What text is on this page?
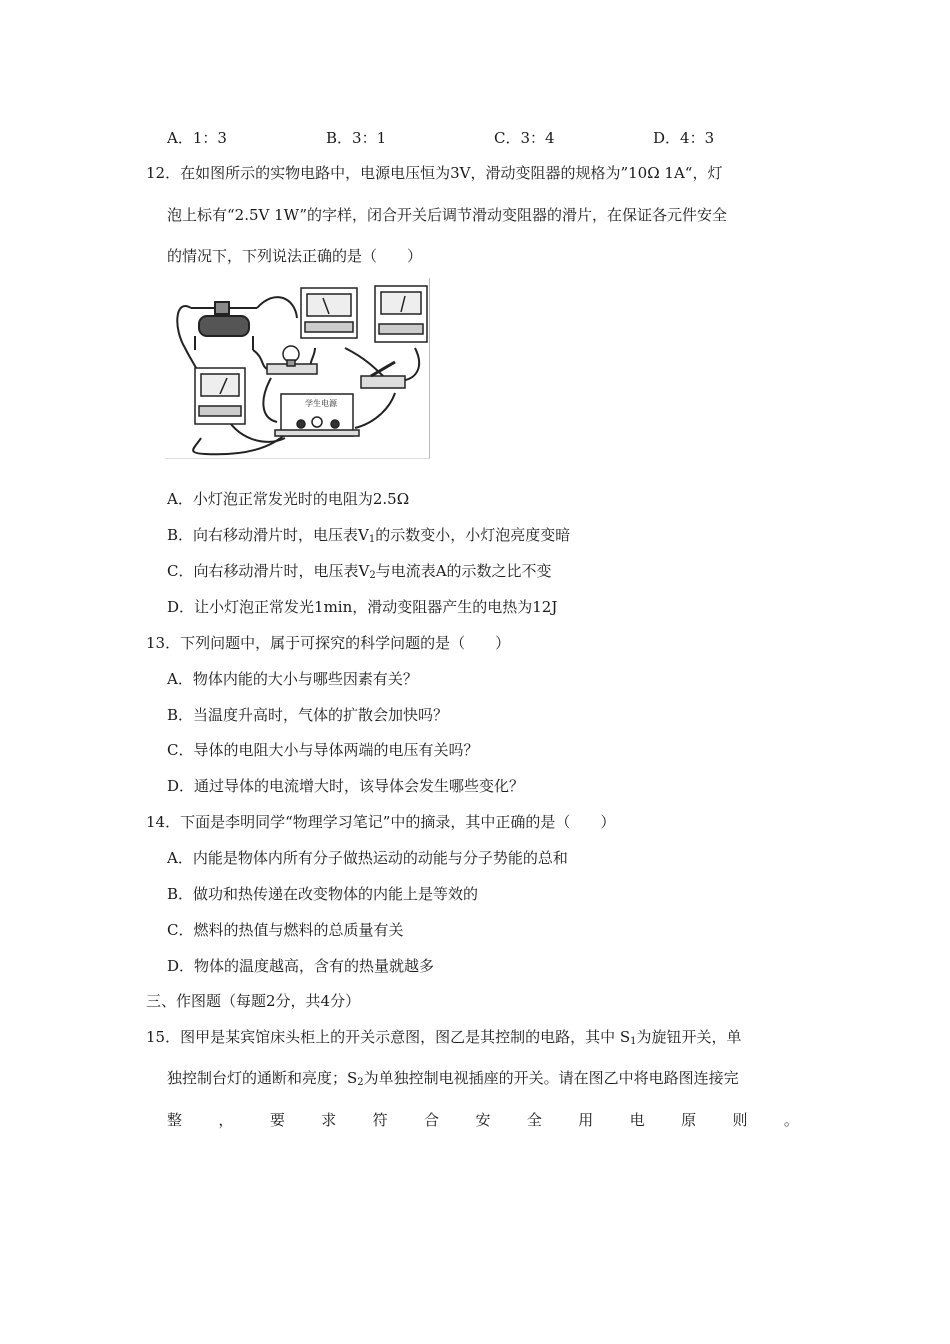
A．1：3	B．3：1	C．3：4	D．4：3
12．在如图所示的实物电路中，电源电压恒为3V，滑动变阻器的规格为”10Ω 1A“，灯
泡上标有“2.5V 1W”的字样，闭合开关后调节滑动变阻器的滑片，在保证各元件安全
的情况下，下列说法正确的是（　　）
学生电源
A．小灯泡正常发光时的电阻为2.5Ω
B．向右移动滑片时，电压表$V_1$的示数变小，小灯泡亮度变暗
C．向右移动滑片时，电压表$V_2$与电流表A的示数之比不变
D．让小灯泡正常发光1min，滑动变阻器产生的电热为12J
13．下列问题中，属于可探究的科学问题的是（　　）
A．物体内能的大小与哪些因素有关？
B．当温度升高时，气体的扩散会加快吗？
C．导体的电阻大小与导体两端的电压有关吗？
D．通过导体的电流增大时，该导体会发生哪些变化？
14．下面是李明同学“物理学习笔记”中的摘录，其中正确的是（　　）
A．内能是物体内所有分子做热运动的动能与分子势能的总和
B．做功和热传递在改变物体的内能上是等效的
C．燃料的热值与燃料的总质量有关
D．物体的温度越高，含有的热量就越多
三、作图题（每题2分，共4分）
15．图甲是某宾馆床头柜上的开关示意图，图乙是其控制的电路，其中 $S_1$为旋钮开关，单
独控制台灯的通断和亮度；$S_2$为单独控制电视插座的开关。请在图乙中将电路图连接完
整 ， 要 求 符 合 安 全 用 电 原 则 。
